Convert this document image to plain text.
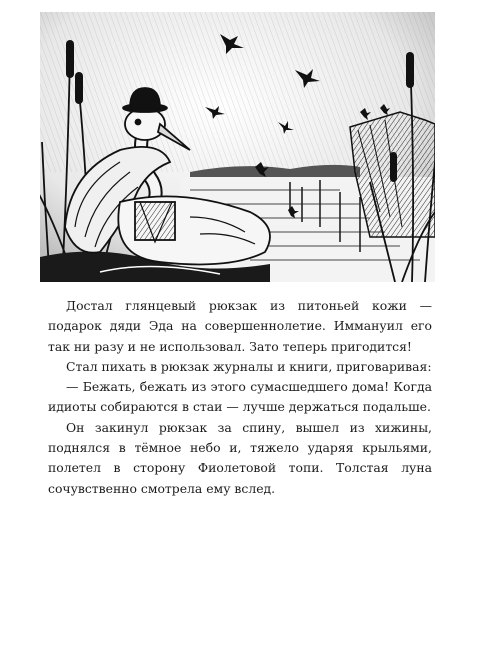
Достал глянцевый рюкзак из питоньей кожи — подарок дяди Эда на совершеннолетие. Иммануил его так ни разу и не использовал. Зато теперь пригодится!

Стал пихать в рюкзак журналы и книги, приговаривая:

— Бежать, бежать из этого сумасшедшего дома! Когда идиоты собираются в стаи — лучше держаться подальше.

Он закинул рюкзак за спину, вышел из хижины, поднялся в тёмное небо и, тяжело ударяя крыльями, полетел в сторону Фиолетовой топи. Толстая луна сочувственно смотрела ему вслед.
